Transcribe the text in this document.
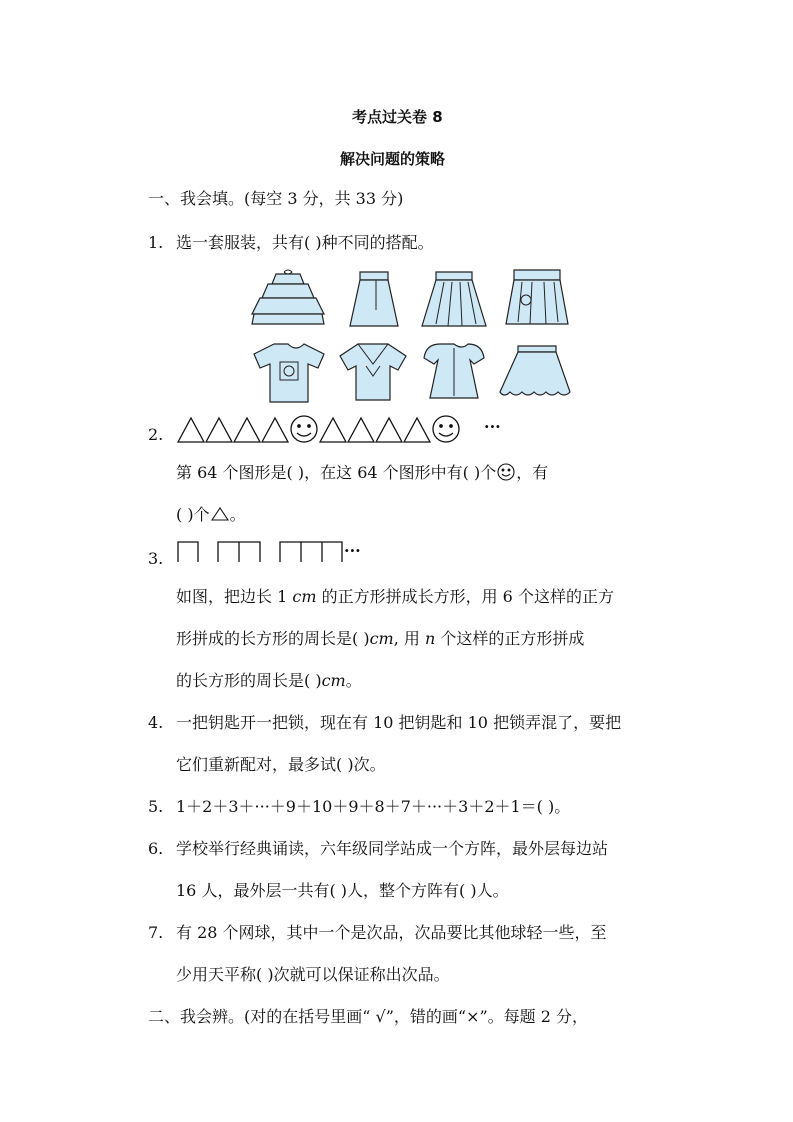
考点过关卷 8
解决问题的策略
一、我会填。(每空 3 分，共 33 分)
1. 选一套服装，共有( )种不同的搭配。
2.	···
第 64 个图形是( )，在这 64 个图形中有( )个 ，有
( )个 。
3.	···
如图，把边长 1 cm 的正方形拼成长方形，用 6 个这样的正方
形拼成的长方形的周长是( )cm, 用 n 个这样的正方形拼成
的长方形的周长是( )cm。
4. 一把钥匙开一把锁，现在有 10 把钥匙和 10 把锁弄混了，要把
它们重新配对，最多试( )次。
5. 1＋2＋3＋···＋9＋10＋9＋8＋7＋···＋3＋2＋1＝( )。
6. 学校举行经典诵读，六年级同学站成一个方阵，最外层每边站
16 人，最外层一共有( )人，整个方阵有( )人。
7. 有 28 个网球，其中一个是次品，次品要比其他球轻一些，至
少用天平称( )次就可以保证称出次品。
二、我会辨。(对的在括号里画“ √”，错的画“×”。每题 2 分，
